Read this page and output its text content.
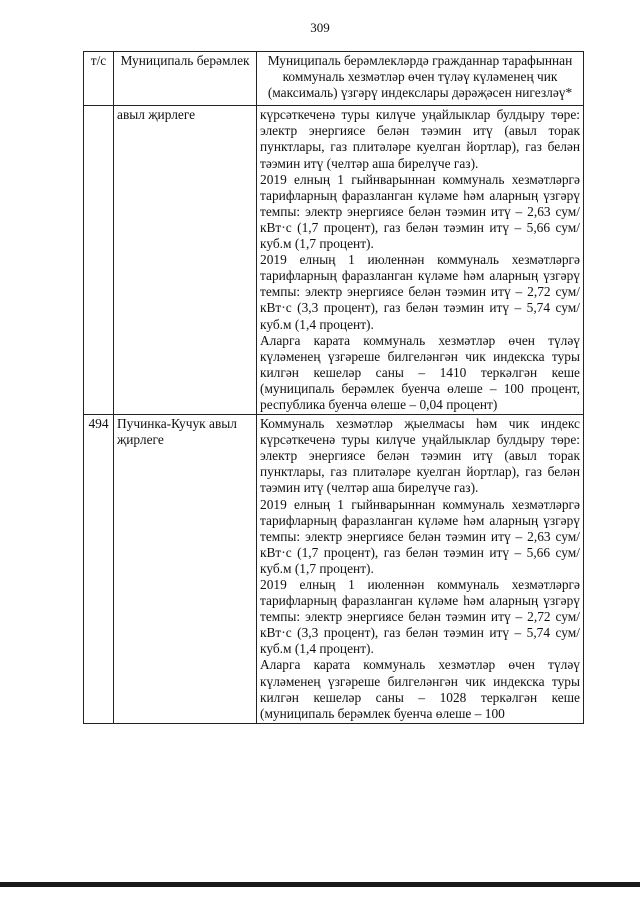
309
т/с	Муниципаль берәмлек	Муниципаль берәмлекләрдә гражданнар тарафыннан коммуналь хезмәтләр өчен түләү күләменең чик (максималь) үзгәрү индекслары дәрәҗәсен нигезләү*
	авыл җирлеге	күрсәткеченә туры килүче уңайлыклар булдыру төре: электр энергиясе белән тәэмин итү (авыл торак пунктлары, газ плитәләре куелган йортлар), газ белән тәэмин итү (челтәр аша бирелүче газ).

2019 елның 1 гыйнварыннан коммуналь хезмәтләргә тарифларның фаразланган күләме һәм аларның үзгәрү темпы: электр энергиясе белән тәэмин итү – 2,63 сум/кВт·с (1,7 процент), газ белән тәэмин итү – 5,66 сум/куб.м (1,7 процент).

2019 елның 1 июленнән коммуналь хезмәтләргә тарифларның фаразланган күләме һәм аларның үзгәрү темпы: электр энергиясе белән тәэмин итү – 2,72 сум/кВт·с (3,3 процент), газ белән тәэмин итү – 5,74 сум/куб.м (1,4 процент).

Аларга карата коммуналь хезмәтләр өчен түләү күләменең үзгәреше билгеләнгән чик индекска туры килгән кешеләр саны – 1410 теркәлгән кеше (муниципаль берәмлек буенча өлеше – 100 процент, республика буенча өлеше – 0,04 процент)

494	Пучинка-Кучук авыл җирлеге	Коммуналь хезмәтләр җыелмасы һәм чик индекс күрсәткеченә туры килүче уңайлыклар булдыру төре: электр энергиясе белән тәэмин итү (авыл торак пунктлары, газ плитәләре куелган йортлар), газ белән тәэмин итү (челтәр аша бирелүче газ).

2019 елның 1 гыйнварыннан коммуналь хезмәтләргә тарифларның фаразланган күләме һәм аларның үзгәрү темпы: электр энергиясе белән тәэмин итү – 2,63 сум/кВт·с (1,7 процент), газ белән тәэмин итү – 5,66 сум/куб.м (1,7 процент).

2019 елның 1 июленнән коммуналь хезмәтләргә тарифларның фаразланган күләме һәм аларның үзгәрү темпы: электр энергиясе белән тәэмин итү – 2,72 сум/кВт·с (3,3 процент), газ белән тәэмин итү – 5,74 сум/куб.м (1,4 процент).

Аларга карата коммуналь хезмәтләр өчен түләү күләменең үзгәреше билгеләнгән чик индекска туры килгән кешеләр саны – 1028 теркәлгән кеше (муниципаль берәмлек буенча өлеше – 100
